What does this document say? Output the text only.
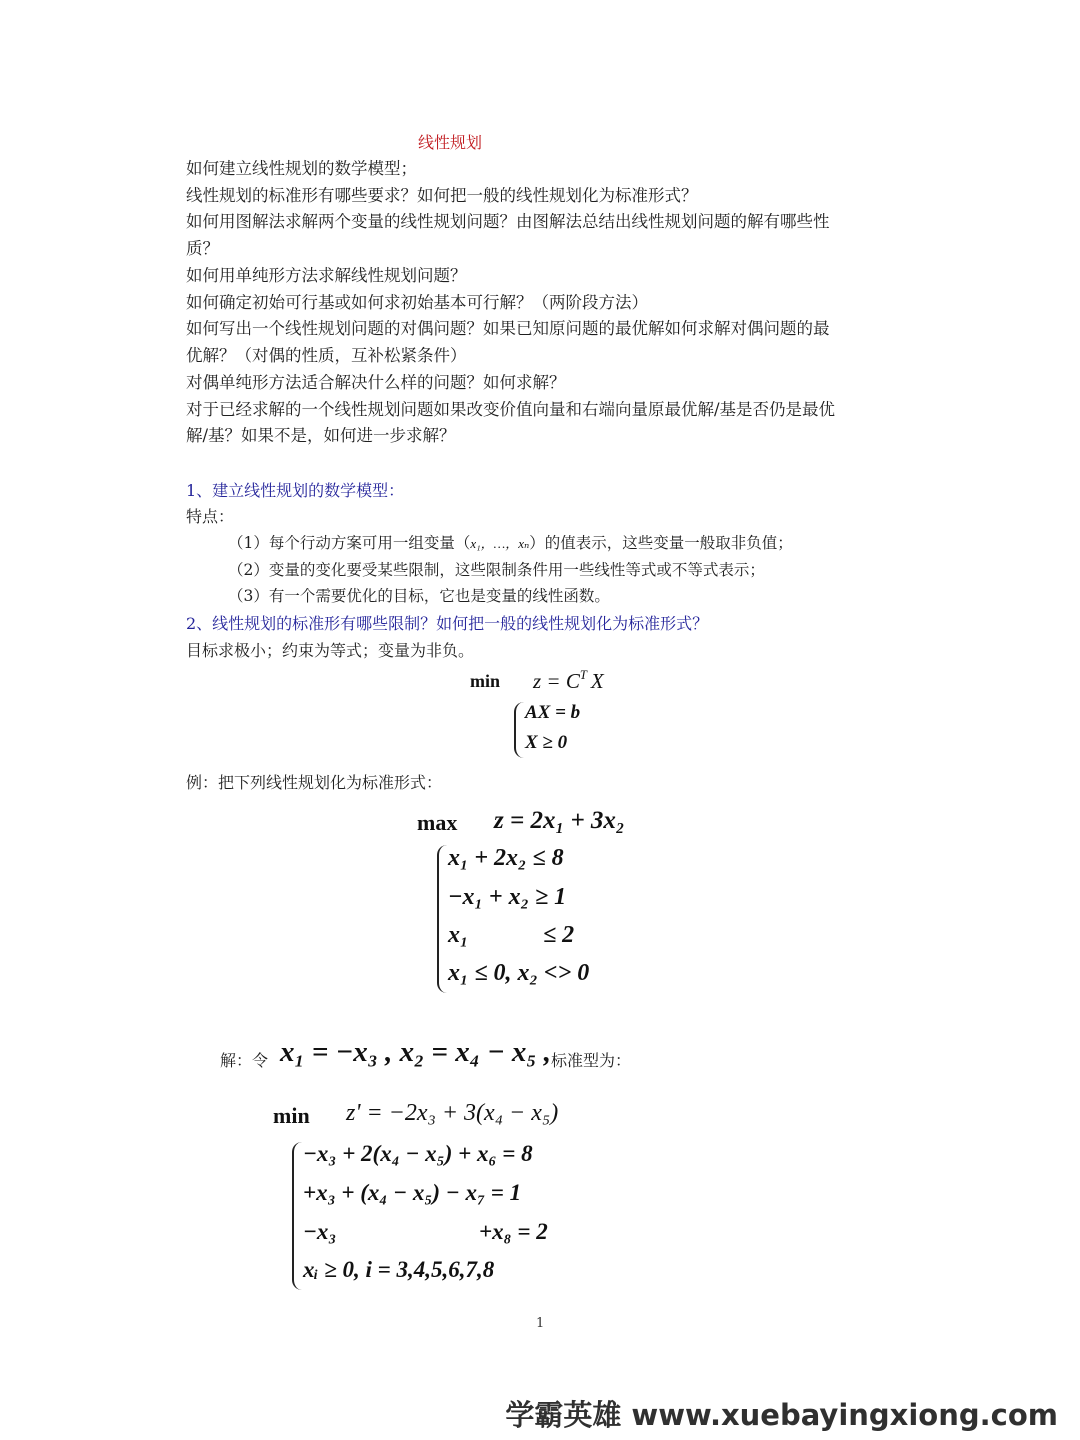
线性规划
如何建立线性规划的数学模型；
线性规划的标准形有哪些要求？如何把一般的线性规划化为标准形式？
如何用图解法求解两个变量的线性规划问题？由图解法总结出线性规划问题的解有哪些性
质？
如何用单纯形方法求解线性规划问题？
如何确定初始可行基或如何求初始基本可行解？（两阶段方法）
如何写出一个线性规划问题的对偶问题？如果已知原问题的最优解如何求解对偶问题的最
优解？（对偶的性质，互补松紧条件）
对偶单纯形方法适合解决什么样的问题？如何求解？
对于已经求解的一个线性规划问题如果改变价值向量和右端向量原最优解/基是否仍是最优
解/基？如果不是，如何进一步求解？
1、建立线性规划的数学模型：
特点：
（1）每个行动方案可用一组变量（x₁，…，xₙ）的值表示，这些变量一般取非负值；
（2）变量的变化要受某些限制，这些限制条件用一些线性等式或不等式表示；
（3）有一个需要优化的目标，它也是变量的线性函数。
2、线性规划的标准形有哪些限制？如何把一般的线性规划化为标准形式？
目标求极小；约束为等式；变量为非负。
$\min z = C^T$ X
AX = b
X ≥ 0
例：把下列线性规划化为标准形式：
max z = 2x₁ + 3x₂
x₁ + 2x₂ ≤ 8
−x₁ + x₂ ≥ 1
x₁	≤ 2
x₁ ≤ 0, x₂ <> 0
解：令 x₁ = −x₃ , x₂ = x₄ − x₅ , 标准型为：
min z' = −2x₃ + 3(x₄ − x₅)
−x₃ + 2(x₄ − x₅) + x₆ = 8
+x₃ + (x₄ − x₅) − x₇ = 1
−x₃	+x₈ = 2
xᵢ ≥ 0, i = 3,4,5,6,7,8
1
学霸英雄 www.xuebayingxiong.com
